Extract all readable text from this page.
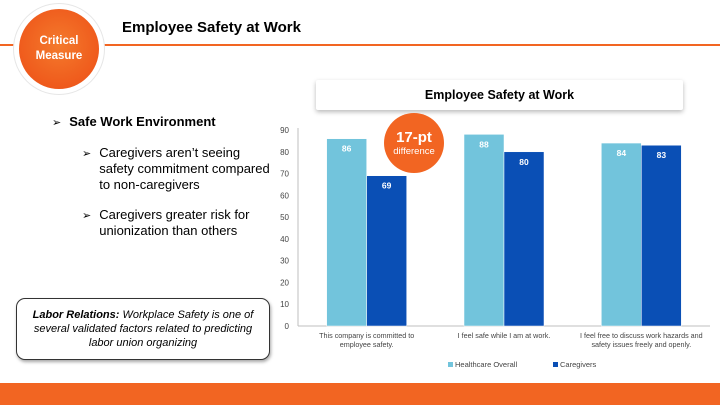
Critical Measure
Employee Safety at Work
➢ Safe Work Environment
➢ Caregivers aren’t seeing safety commitment compared to non-caregivers
➢ Caregivers greater risk for unionization than others
Labor Relations: Workplace Safety is one of several validated factors related to predicting labor union organizing
Employee Safety at Work
0
10
20
30
40
50
60
70
80
90
86
69
This company is committed to
employee safety.
88
80
I feel safe while I am at work.
84	83
I feel free to discuss work hazards and
safety issues freely and openly.
Healthcare Overall	Caregivers
17-pt
difference
